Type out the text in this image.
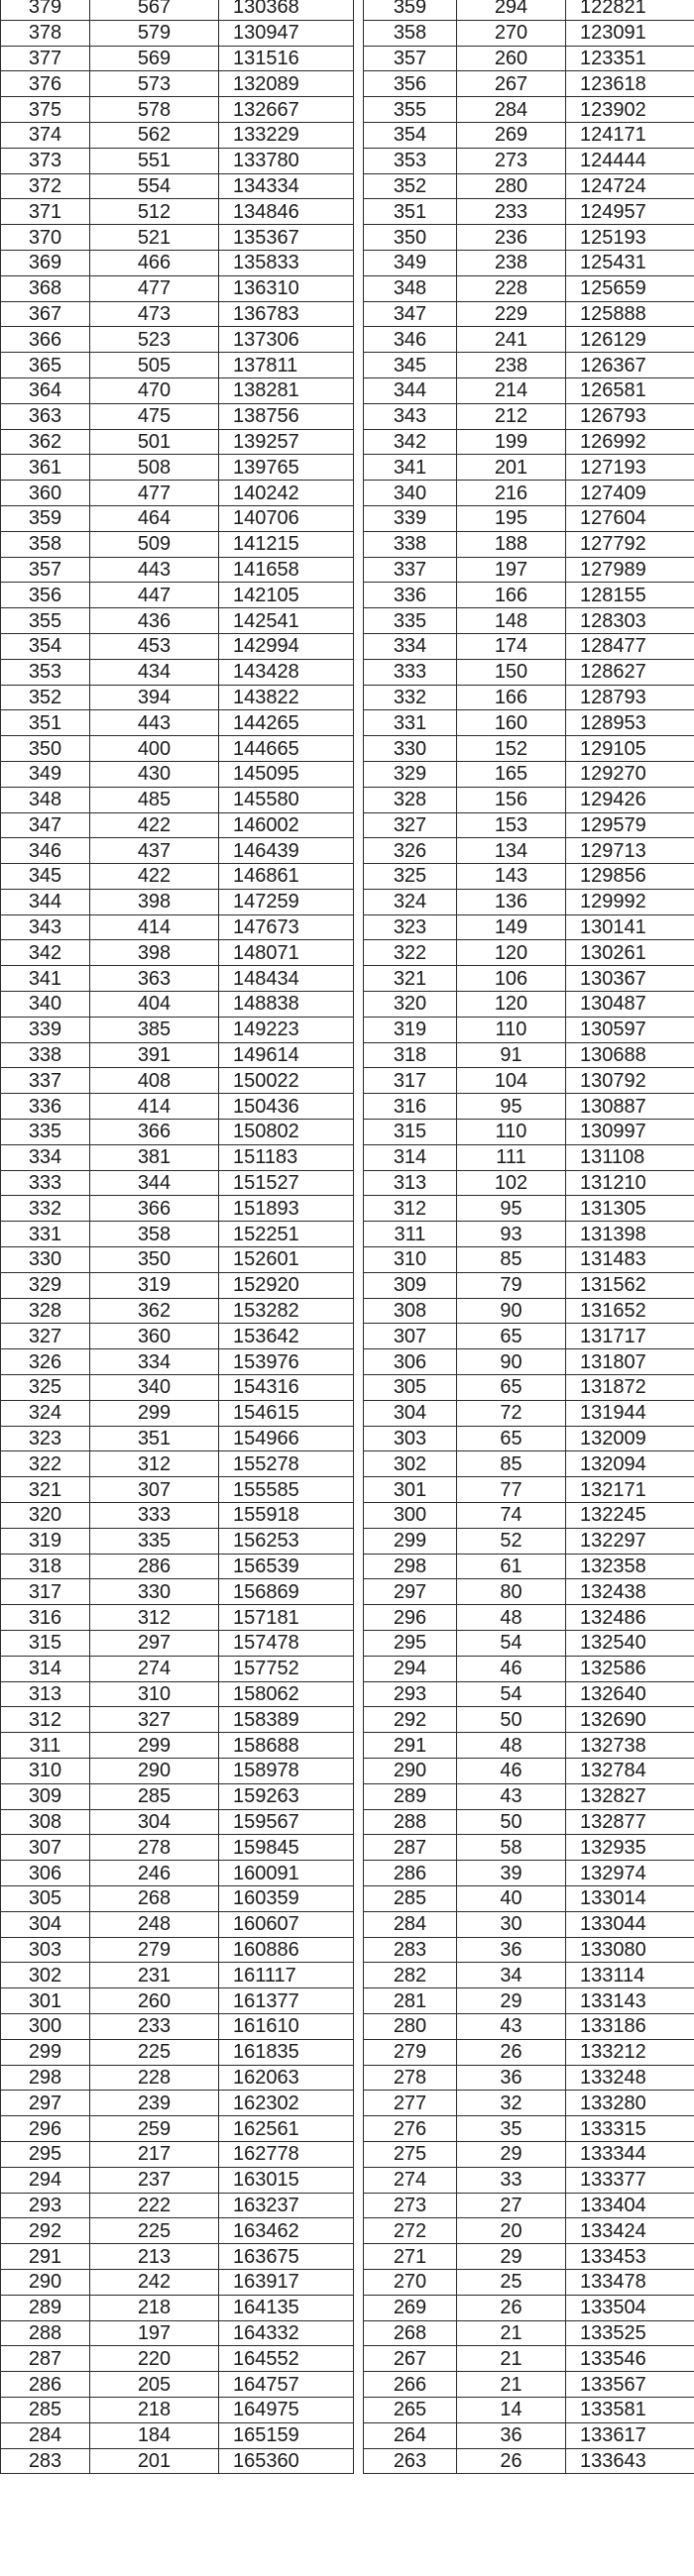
379	567	130368
378	579	130947
377	569	131516
376	573	132089
375	578	132667
374	562	133229
373	551	133780
372	554	134334
371	512	134846
370	521	135367
369	466	135833
368	477	136310
367	473	136783
366	523	137306
365	505	137811
364	470	138281
363	475	138756
362	501	139257
361	508	139765
360	477	140242
359	464	140706
358	509	141215
357	443	141658
356	447	142105
355	436	142541
354	453	142994
353	434	143428
352	394	143822
351	443	144265
350	400	144665
349	430	145095
348	485	145580
347	422	146002
346	437	146439
345	422	146861
344	398	147259
343	414	147673
342	398	148071
341	363	148434
340	404	148838
339	385	149223
338	391	149614
337	408	150022
336	414	150436
335	366	150802
334	381	151183
333	344	151527
332	366	151893
331	358	152251
330	350	152601
329	319	152920
328	362	153282
327	360	153642
326	334	153976
325	340	154316
324	299	154615
323	351	154966
322	312	155278
321	307	155585
320	333	155918
319	335	156253
318	286	156539
317	330	156869
316	312	157181
315	297	157478
314	274	157752
313	310	158062
312	327	158389
311	299	158688
310	290	158978
309	285	159263
308	304	159567
307	278	159845
306	246	160091
305	268	160359
304	248	160607
303	279	160886
302	231	161117
301	260	161377
300	233	161610
299	225	161835
298	228	162063
297	239	162302
296	259	162561
295	217	162778
294	237	163015
293	222	163237
292	225	163462
291	213	163675
290	242	163917
289	218	164135
288	197	164332
287	220	164552
286	205	164757
285	218	164975
284	184	165159
283	201	165360
359	294	122821
358	270	123091
357	260	123351
356	267	123618
355	284	123902
354	269	124171
353	273	124444
352	280	124724
351	233	124957
350	236	125193
349	238	125431
348	228	125659
347	229	125888
346	241	126129
345	238	126367
344	214	126581
343	212	126793
342	199	126992
341	201	127193
340	216	127409
339	195	127604
338	188	127792
337	197	127989
336	166	128155
335	148	128303
334	174	128477
333	150	128627
332	166	128793
331	160	128953
330	152	129105
329	165	129270
328	156	129426
327	153	129579
326	134	129713
325	143	129856
324	136	129992
323	149	130141
322	120	130261
321	106	130367
320	120	130487
319	110	130597
318	91	130688
317	104	130792
316	95	130887
315	110	130997
314	111	131108
313	102	131210
312	95	131305
311	93	131398
310	85	131483
309	79	131562
308	90	131652
307	65	131717
306	90	131807
305	65	131872
304	72	131944
303	65	132009
302	85	132094
301	77	132171
300	74	132245
299	52	132297
298	61	132358
297	80	132438
296	48	132486
295	54	132540
294	46	132586
293	54	132640
292	50	132690
291	48	132738
290	46	132784
289	43	132827
288	50	132877
287	58	132935
286	39	132974
285	40	133014
284	30	133044
283	36	133080
282	34	133114
281	29	133143
280	43	133186
279	26	133212
278	36	133248
277	32	133280
276	35	133315
275	29	133344
274	33	133377
273	27	133404
272	20	133424
271	29	133453
270	25	133478
269	26	133504
268	21	133525
267	21	133546
266	21	133567
265	14	133581
264	36	133617
263	26	133643
